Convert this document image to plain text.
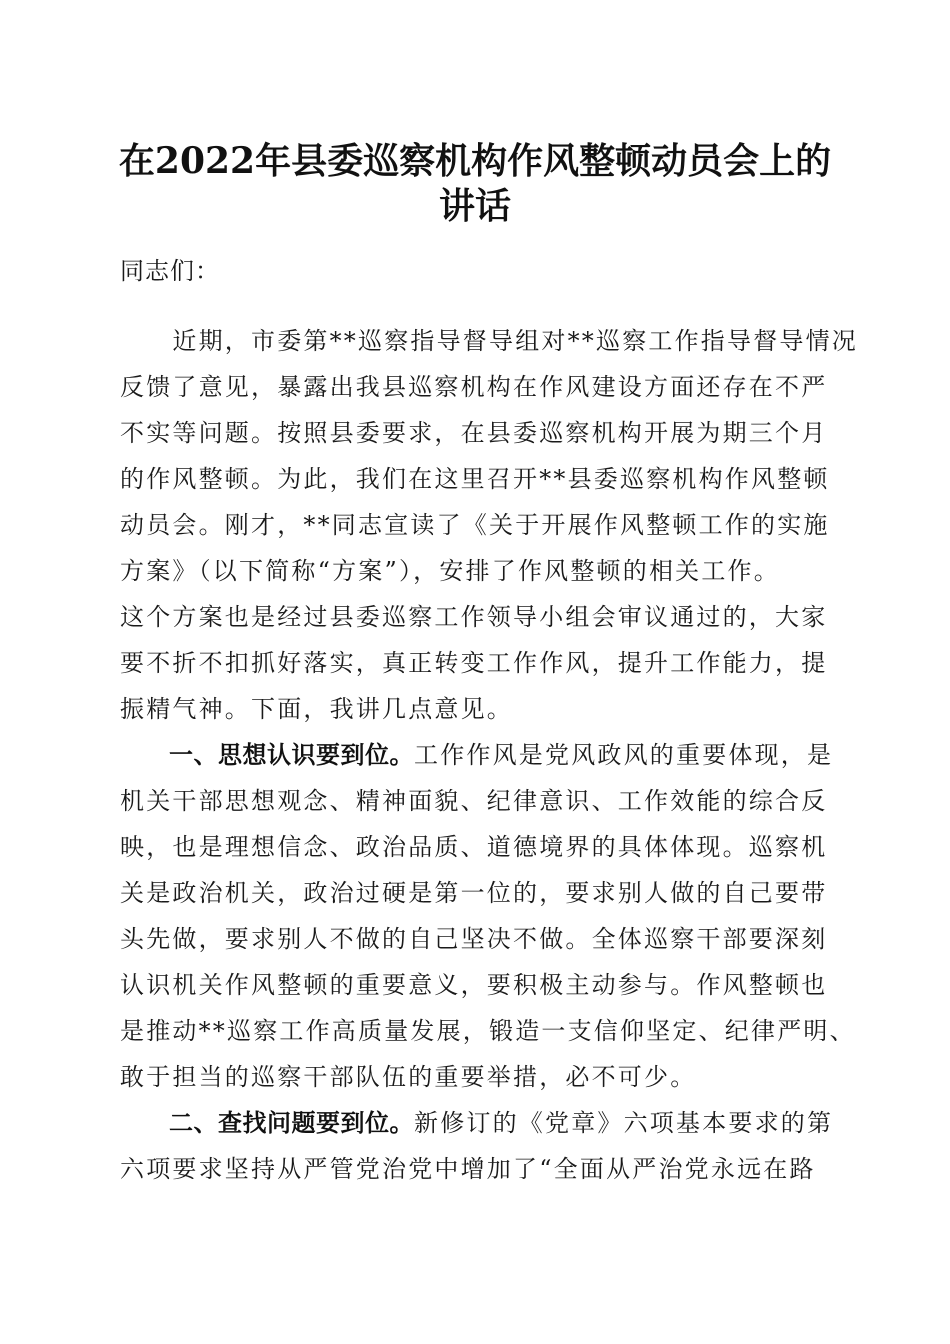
在2022年县委巡察机构作风整顿动员会上的
讲话
同志们：
　　近期，市委第**巡察指导督导组对**巡察工作指导督导情况
反馈了意见，暴露出我县巡察机构在作风建设方面还存在不严
不实等问题。按照县委要求，在县委巡察机构开展为期三个月
的作风整顿。为此，我们在这里召开**县委巡察机构作风整顿
动员会。刚才，**同志宣读了《关于开展作风整顿工作的实施
方案》（以下简称“方案”），安排了作风整顿的相关工作。
这个方案也是经过县委巡察工作领导小组会审议通过的，大家
要不折不扣抓好落实，真正转变工作作风，提升工作能力，提
振精气神。下面，我讲几点意见。
　　一、思想认识要到位。工作作风是党风政风的重要体现，是
机关干部思想观念、精神面貌、纪律意识、工作效能的综合反
映，也是理想信念、政治品质、道德境界的具体体现。巡察机
关是政治机关，政治过硬是第一位的，要求别人做的自己要带
头先做，要求别人不做的自己坚决不做。全体巡察干部要深刻
认识机关作风整顿的重要意义，要积极主动参与。作风整顿也
是推动**巡察工作高质量发展，锻造一支信仰坚定、纪律严明、
敢于担当的巡察干部队伍的重要举措，必不可少。
　　二、查找问题要到位。新修订的《党章》六项基本要求的第
六项要求坚持从严管党治党中增加了“全面从严治党永远在路
